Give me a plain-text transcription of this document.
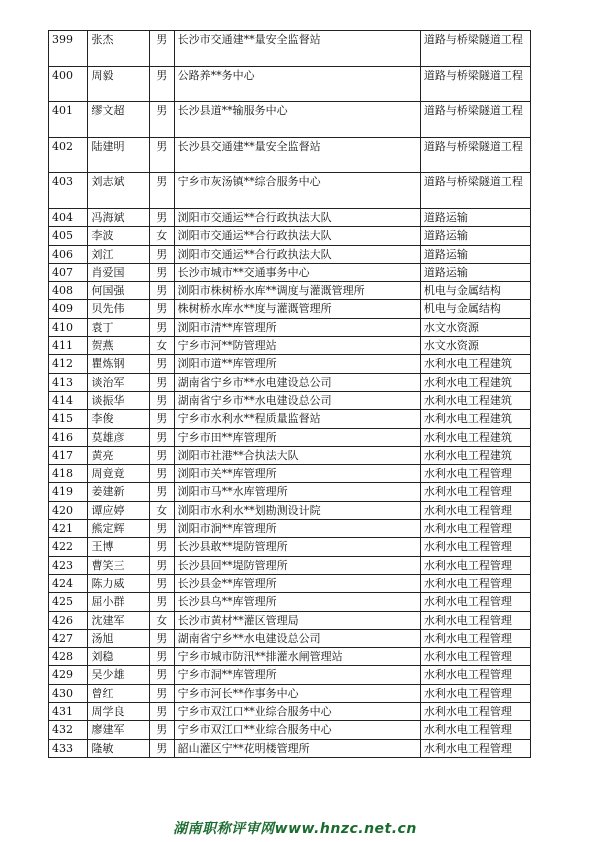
399	张杰	男	长沙市交通建**量安全监督站	道路与桥梁隧道工程
400	周毅	男	公路养**务中心	道路与桥梁隧道工程
401	缪文超	男	长沙县道**输服务中心	道路与桥梁隧道工程
402	陆建明	男	长沙县交通建**量安全监督站	道路与桥梁隧道工程
403	刘志斌	男	宁乡市灰汤镇**综合服务中心	道路与桥梁隧道工程
404	冯海斌	男	浏阳市交通运**合行政执法大队	道路运输
405	李波	女	浏阳市交通运**合行政执法大队	道路运输
406	刘江	男	浏阳市交通运**合行政执法大队	道路运输
407	肖爱国	男	长沙市城市**交通事务中心	道路运输
408	何国强	男	浏阳市株树桥水库**调度与灌溉管理所	机电与金属结构
409	贝先伟	男	株树桥水库水**度与灌溉管理所	机电与金属结构
410	袁丁	男	浏阳市清**库管理所	水文水资源
411	贺燕	女	宁乡市河**防管理站	水文水资源
412	瞿炼钢	男	浏阳市道**库管理所	水利水电工程建筑
413	谈治军	男	湖南省宁乡市**水电建设总公司	水利水电工程建筑
414	谈振华	男	湖南省宁乡市**水电建设总公司	水利水电工程建筑
415	李俊	男	宁乡市水利水**程质量监督站	水利水电工程建筑
416	莫雄彦	男	宁乡市田**库管理所	水利水电工程建筑
417	黄亮	男	浏阳市社港**合执法大队	水利水电工程建筑
418	周竟竟	男	浏阳市关**库管理所	水利水电工程管理
419	姜建新	男	浏阳市马**水库管理所	水利水电工程管理
420	谭应婷	女	浏阳市水利水**划勘测设计院	水利水电工程管理
421	熊定辉	男	浏阳市涧**库管理所	水利水电工程管理
422	王博	男	长沙县敢**堤防管理所	水利水电工程管理
423	曹笑三	男	长沙县回**堤防管理所	水利水电工程管理
424	陈力威	男	长沙县金**库管理所	水利水电工程管理
425	屈小群	男	长沙县乌**库管理所	水利水电工程管理
426	沈建军	女	长沙市黄材**灌区管理局	水利水电工程管理
427	汤旭	男	湖南省宁乡**水电建设总公司	水利水电工程管理
428	刘稳	男	宁乡市城市防汛**排灌水闸管理站	水利水电工程管理
429	吴少雄	男	宁乡市洞**库管理所	水利水电工程管理
430	曾红	男	宁乡市河长**作事务中心	水利水电工程管理
431	周学良	男	宁乡市双江口**业综合服务中心	水利水电工程管理
432	廖建军	男	宁乡市双江口**业综合服务中心	水利水电工程管理
433	隆敏	男	韶山灌区宁**花明楼管理所	水利水电工程管理
湖南职称评审网www.hnzc.net.cn
